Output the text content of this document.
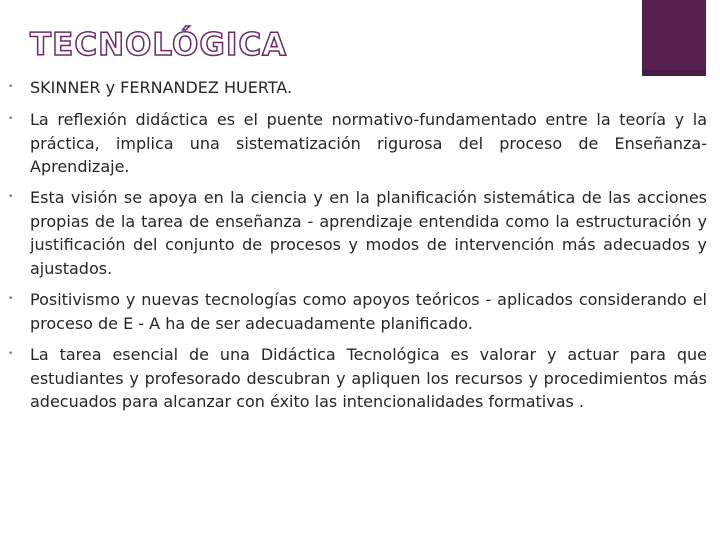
TECNOLÓGICA
• SKINNER y FERNANDEZ HUERTA.
• La reflexión didáctica es el puente normativo-fundamentado entre la teoría y la práctica, implica una sistematización rigurosa del proceso de Enseñanza- Aprendizaje.
• Esta visión se apoya en la ciencia y en la planificación sistemática de las acciones propias de la tarea de enseñanza - aprendizaje entendida como la estructuración y justificación del conjunto de procesos y modos de intervención más adecuados y ajustados.
• Positivismo y nuevas tecnologías como apoyos teóricos - aplicados considerando el proceso de E - A ha de ser adecuadamente planificado.
• La tarea esencial de una Didáctica Tecnológica es valorar y actuar para que estudiantes y profesorado descubran y apliquen los recursos y procedimientos más adecuados para alcanzar con éxito las intencionalidades formativas .
